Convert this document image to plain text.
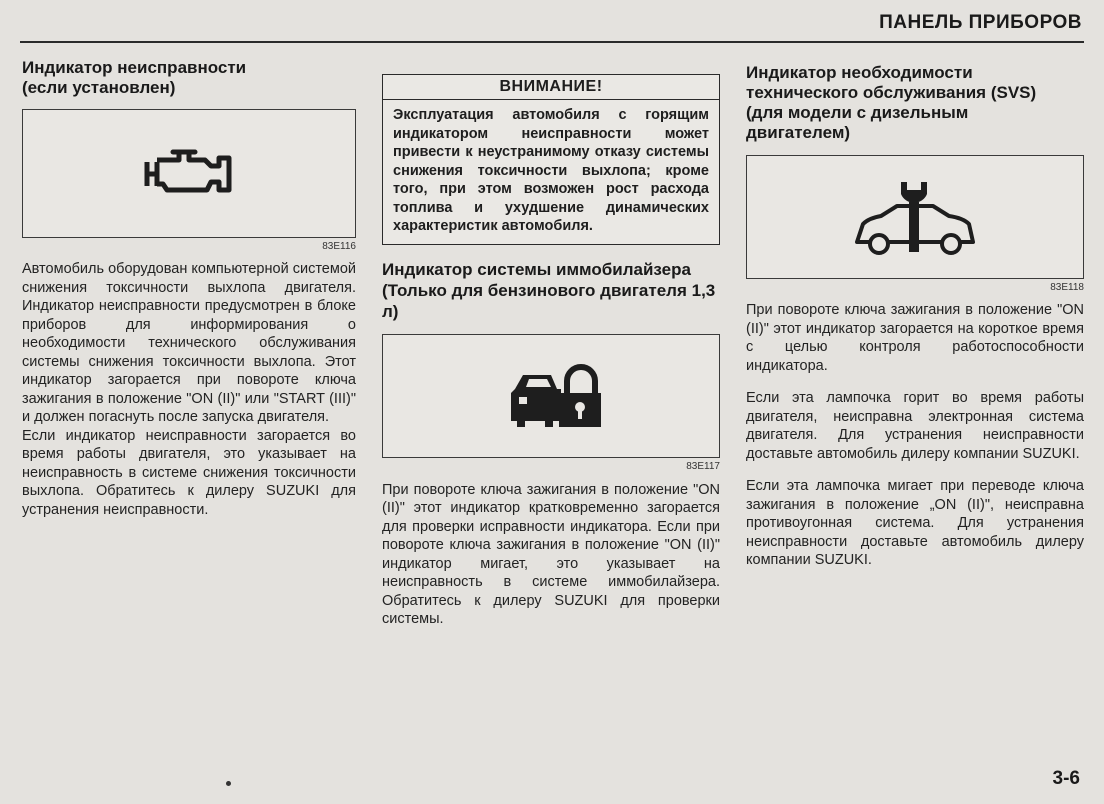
ПАНЕЛЬ ПРИБОРОВ
Индикатор неисправности (если установлен)
83E116

Автомобиль оборудован компьютерной системой снижения токсичности выхлопа двигателя. Индикатор неисправности предусмотрен в блоке приборов для информирования о необходимости технического обслуживания системы снижения токсичности выхлопа. Этот индикатор загорается при повороте ключа зажигания в положение "ON (II)" или "START (III)" и должен погаснуть после запуска двигателя.

Если индикатор неисправности загорается во время работы двигателя, это указывает на неисправность в системе снижения токсичности выхлопа. Обратитесь к дилеру SUZUKI для устранения неисправности.

ВНИМАНИЕ!
Эксплуатация автомобиля с горящим индикатором неисправности может привести к неустранимому отказу системы снижения токсичности выхлопа; кроме того, при этом возможен рост расхода топлива и ухудшение динамических характеристик автомобиля.
Индикатор системы иммобилайзера (Только для бензинового двигателя 1,3 л)
83E117

При повороте ключа зажигания в положение "ON (II)" этот индикатор кратковременно загорается для проверки исправности индикатора. Если при повороте ключа зажигания в положение "ON (II)" индикатор мигает, это указывает на неисправность в системе иммобилайзера. Обратитесь к дилеру SUZUKI для проверки системы.

Индикатор необходимости технического обслуживания (SVS) (для модели с дизельным двигателем)
83E118

При повороте ключа зажигания в положение "ON (II)" этот индикатор загорается на короткое время с целью контроля работоспособности индикатора.

Если эта лампочка горит во время работы двигателя, неисправна электронная система двигателя. Для устранения неисправности доставьте автомобиль дилеру компании SUZUKI.

Если эта лампочка мигает при переводе ключа зажигания в положение „ON (II)", неисправна противоугонная система. Для устранения неисправности доставьте автомобиль дилеру компании SUZUKI.

3-6
